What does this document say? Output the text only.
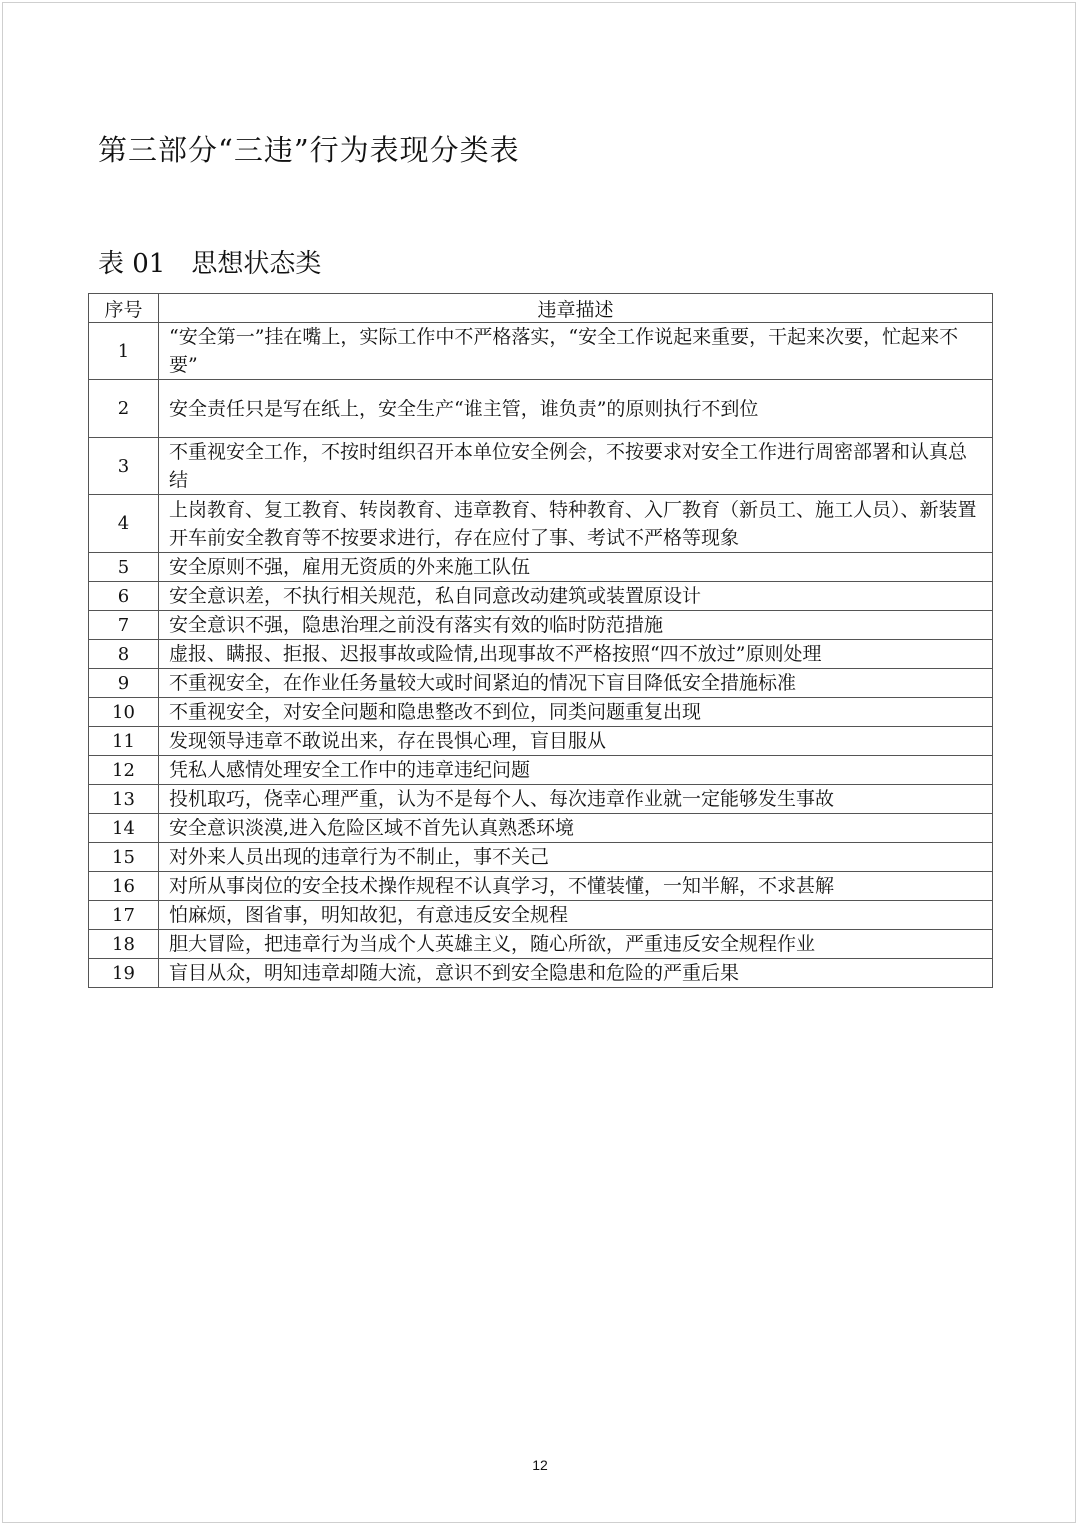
第三部分“三违”行为表现分类表
表 01 思想状态类
序号	违章描述
1	“安全第一”挂在嘴上，实际工作中不严格落实，“安全工作说起来重要，干起来次要，忙起来不要”
2	安全责任只是写在纸上，安全生产“谁主管，谁负责”的原则执行不到位
3	不重视安全工作，不按时组织召开本单位安全例会，不按要求对安全工作进行周密部署和认真总结
4	上岗教育、复工教育、转岗教育、违章教育、特种教育、入厂教育（新员工、施工人员）、新装置开车前安全教育等不按要求进行，存在应付了事、考试不严格等现象
5	安全原则不强，雇用无资质的外来施工队伍
6	安全意识差，不执行相关规范，私自同意改动建筑或装置原设计
7	安全意识不强，隐患治理之前没有落实有效的临时防范措施
8	虚报、瞒报、拒报、迟报事故或险情,出现事故不严格按照“四不放过”原则处理
9	不重视安全，在作业任务量较大或时间紧迫的情况下盲目降低安全措施标准
10	不重视安全，对安全问题和隐患整改不到位，同类问题重复出现
11	发现领导违章不敢说出来，存在畏惧心理，盲目服从
12	凭私人感情处理安全工作中的违章违纪问题
13	投机取巧，侥幸心理严重，认为不是每个人、每次违章作业就一定能够发生事故
14	安全意识淡漠,进入危险区域不首先认真熟悉环境
15	对外来人员出现的违章行为不制止，事不关己
16	对所从事岗位的安全技术操作规程不认真学习，不懂装懂，一知半解，不求甚解
17	怕麻烦，图省事，明知故犯，有意违反安全规程
18	胆大冒险，把违章行为当成个人英雄主义，随心所欲，严重违反安全规程作业
19	盲目从众，明知违章却随大流，意识不到安全隐患和危险的严重后果
12
